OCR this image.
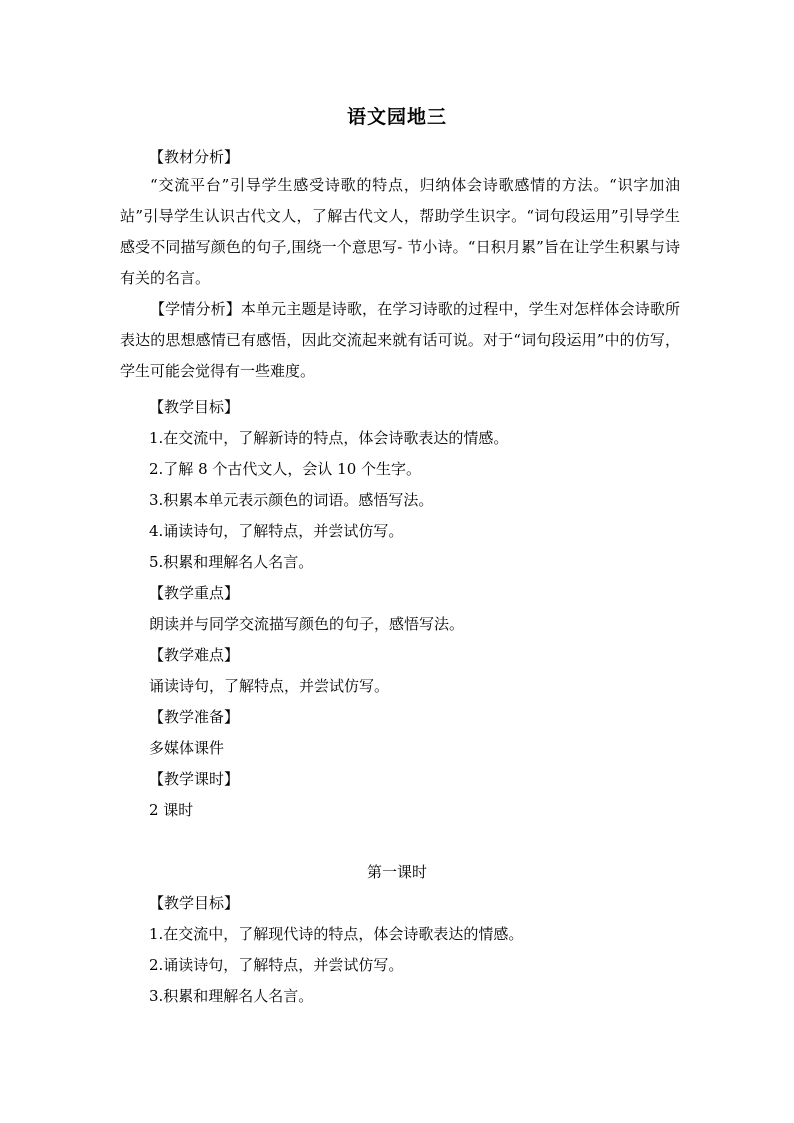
语文园地三
【教材分析】
“交流平台”引导学生感受诗歌的特点，归纳体会诗歌感情的方法。“识字加油站”引导学生认识古代文人，了解古代文人，帮助学生识字。“词句段运用”引导学生感受不同描写颜色的句子,围绕一个意思写- 节小诗。“日积月累”旨在让学生积累与诗有关的名言。
【学情分析】本单元主题是诗歌，在学习诗歌的过程中，学生对怎样体会诗歌所表达的思想感情已有感悟，因此交流起来就有话可说。对于“词句段运用”中的仿写，学生可能会觉得有一些难度。
【教学目标】
1.在交流中，了解新诗的特点，体会诗歌表达的情感。
2.了解 8 个古代文人，会认 10 个生字。
3.积累本单元表示颜色的词语。感悟写法。
4.诵读诗句，了解特点，并尝试仿写。
5.积累和理解名人名言。
【教学重点】
朗读并与同学交流描写颜色的句子，感悟写法。
【教学难点】
诵读诗句，了解特点，并尝试仿写。
【教学准备】
多媒体课件
【教学课时】
2 课时
第一课时
【教学目标】
1.在交流中，了解现代诗的特点，体会诗歌表达的情感。
2.诵读诗句，了解特点，并尝试仿写。
3.积累和理解名人名言。
